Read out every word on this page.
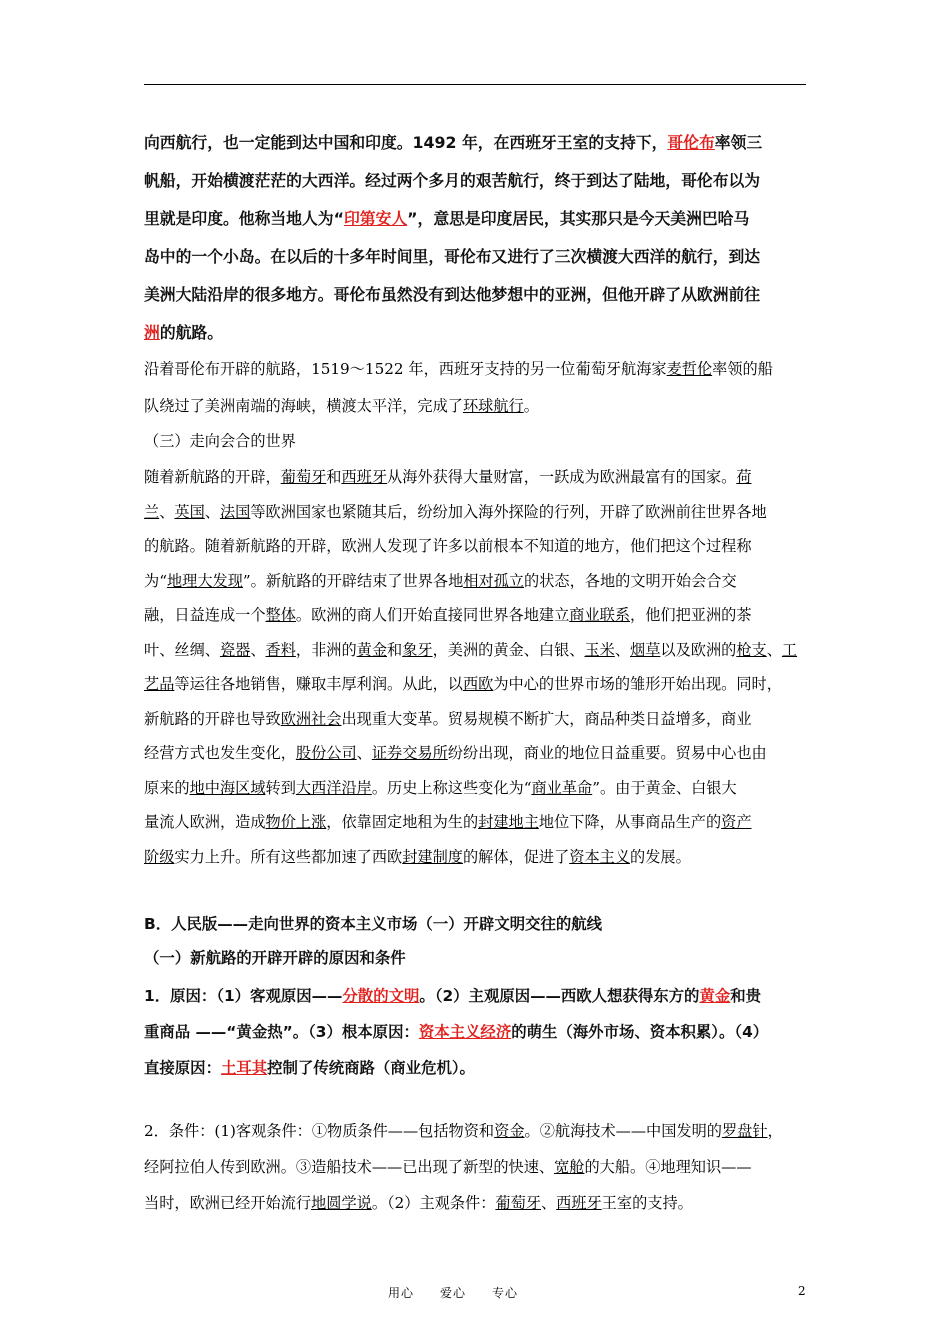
向西航行，也一定能到达中国和印度。1492 年，在西班牙王室的支持下，哥伦布率领三
帆船，开始横渡茫茫的大西洋。经过两个多月的艰苦航行，终于到达了陆地，哥伦布以为
里就是印度。他称当地人为“印第安人”，意思是印度居民，其实那只是今天美洲巴哈马
岛中的一个小岛。在以后的十多年时间里，哥伦布又进行了三次横渡大西洋的航行，到达
美洲大陆沿岸的很多地方。哥伦布虽然没有到达他梦想中的亚洲，但他开辟了从欧洲前往
洲的航路。
沿着哥伦布开辟的航路，1519～1522 年，西班牙支持的另一位葡萄牙航海家麦哲伦率领的船
队绕过了美洲南端的海峡，横渡太平洋，完成了环球航行。
（三）走向会合的世界
随着新航路的开辟，葡萄牙和西班牙从海外获得大量财富，一跃成为欧洲最富有的国家。荷
兰、英国、法国等欧洲国家也紧随其后，纷纷加入海外探险的行列，开辟了欧洲前往世界各地
的航路。随着新航路的开辟，欧洲人发现了许多以前根本不知道的地方，他们把这个过程称
为“地理大发现”。新航路的开辟结束了世界各地相对孤立的状态，各地的文明开始会合交
融，日益连成一个整体。欧洲的商人们开始直接同世界各地建立商业联系，他们把亚洲的茶
叶、丝绸、瓷器、香料，非洲的黄金和象牙，美洲的黄金、白银、玉米、烟草以及欧洲的枪支、工
艺品等运往各地销售，赚取丰厚利润。从此，以西欧为中心的世界市场的雏形开始出现。同时，
新航路的开辟也导致欧洲社会出现重大变革。贸易规模不断扩大，商品种类日益增多，商业
经营方式也发生变化，股份公司、证券交易所纷纷出现，商业的地位日益重要。贸易中心也由
原来的地中海区域转到大西洋沿岸。历史上称这些变化为“商业革命”。由于黄金、白银大
量流人欧洲，造成物价上涨，依靠固定地租为生的封建地主地位下降，从事商品生产的资产
阶级实力上升。所有这些都加速了西欧封建制度的解体，促进了资本主义的发展。
B．人民版——走向世界的资本主义市场（一）开辟文明交往的航线
（一）新航路的开辟开辟的原因和条件
1．原因：（1）客观原因——分散的文明。（2）主观原因——西欧人想获得东方的黄金和贵
重商品 ——“黄金热”。（3）根本原因：资本主义经济的萌生（海外市场、资本积累）。（4）
直接原因：土耳其控制了传统商路（商业危机）。
2．条件：(1)客观条件：①物质条件——包括物资和资金。②航海技术——中国发明的罗盘针，
经阿拉伯人传到欧洲。③造船技术——已出现了新型的快速、宽舱的大船。④地理知识——
当时，欧洲已经开始流行地圆学说。（2）主观条件：葡萄牙、西班牙王室的支持。
用心　　爱心　　专心	2
